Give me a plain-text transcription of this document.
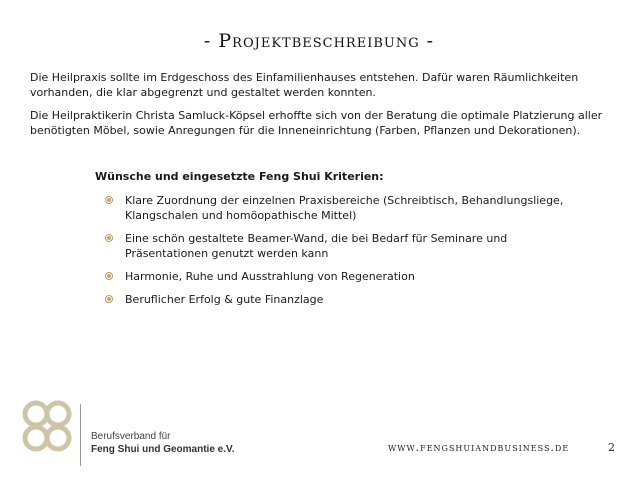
- Projektbeschreibung -
Die Heilpraxis sollte im Erdgeschoss des Einfamilienhauses entstehen. Dafür waren Räumlichkeiten vorhanden, die klar abgegrenzt und gestaltet werden konnten.
Die Heilpraktikerin Christa Samluck-Köpsel erhoffte sich von der Beratung die optimale Platzierung aller benötigten Möbel, sowie Anregungen für die Inneneinrichtung (Farben, Pflanzen und Dekorationen).
Wünsche und eingesetzte Feng Shui Kriterien:
Klare Zuordnung der einzelnen Praxisbereiche (Schreibtisch, Behandlungsliege, Klangschalen und homöopathische Mittel)
Eine schön gestaltete Beamer-Wand, die bei Bedarf für Seminare und Präsentationen genutzt werden kann
Harmonie, Ruhe und Ausstrahlung von Regeneration
Beruflicher Erfolg & gute Finanzlage
Berufsverband für
Feng Shui und Geomantie e.V.	www.fengshuiandbusiness.de	2
